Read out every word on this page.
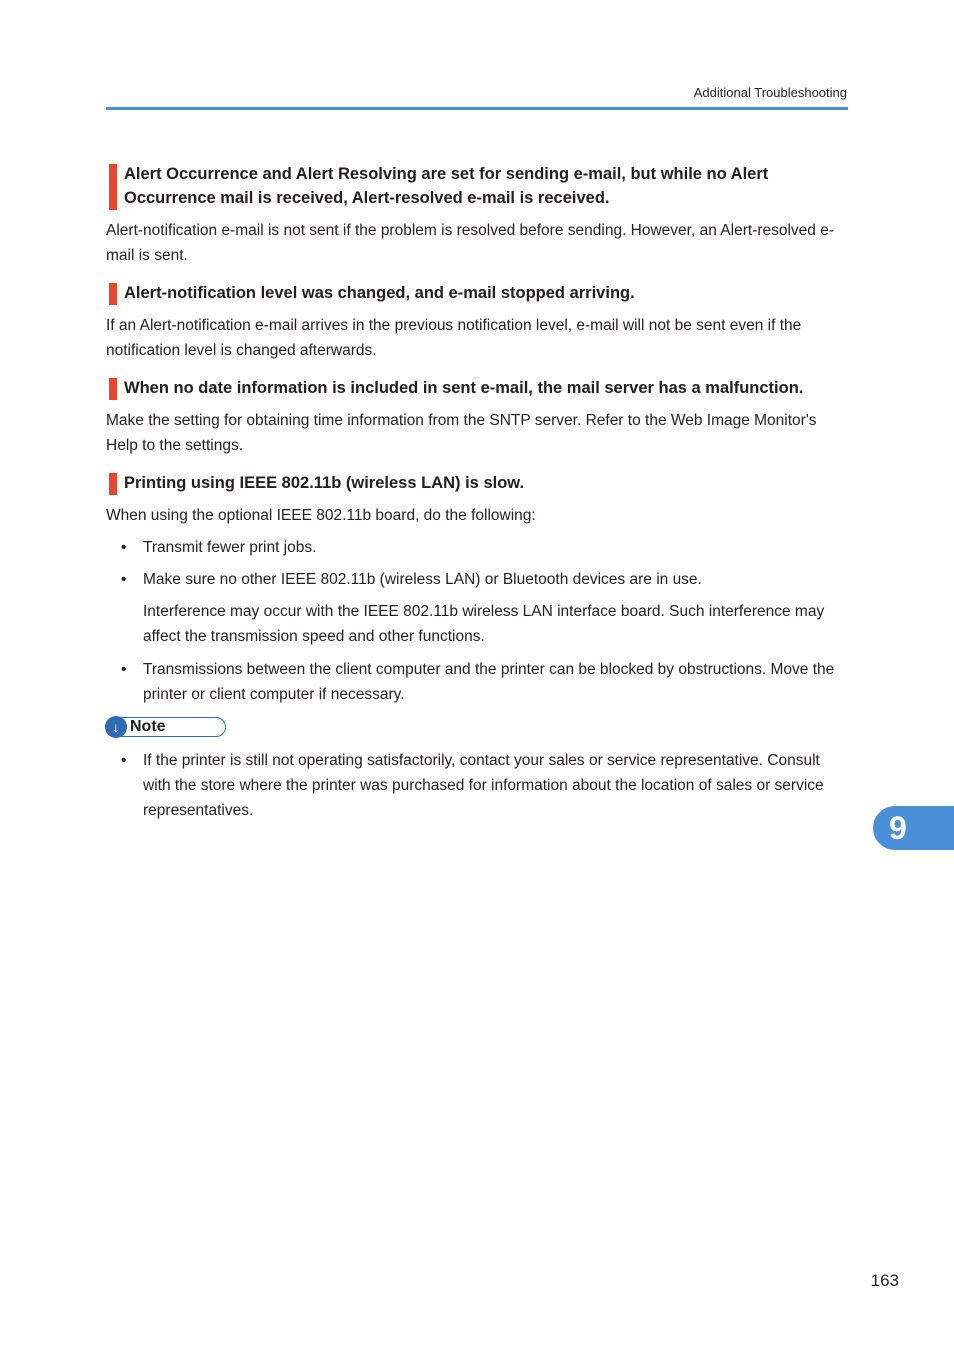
Additional Troubleshooting
Alert Occurrence and Alert Resolving are set for sending e-mail, but while no Alert Occurrence mail is received, Alert-resolved e-mail is received.

Alert-notification e-mail is not sent if the problem is resolved before sending. However, an Alert-resolved e-mail is sent.

Alert-notification level was changed, and e-mail stopped arriving.

If an Alert-notification e-mail arrives in the previous notification level, e-mail will not be sent even if the notification level is changed afterwards.

When no date information is included in sent e-mail, the mail server has a malfunction.

Make the setting for obtaining time information from the SNTP server. Refer to the Web Image Monitor's Help to the settings.

Printing using IEEE 802.11b (wireless LAN) is slow.

When using the optional IEEE 802.11b board, do the following:

• Transmit fewer print jobs.
• Make sure no other IEEE 802.11b (wireless LAN) or Bluetooth devices are in use.

Interference may occur with the IEEE 802.11b wireless LAN interface board. Such interference may affect the transmission speed and other functions.

• Transmissions between the client computer and the printer can be blocked by obstructions. Move the printer or client computer if necessary.
↓ Note
• If the printer is still not operating satisfactorily, contact your sales or service representative. Consult with the store where the printer was purchased for information about the location of sales or service representatives.	9
163
